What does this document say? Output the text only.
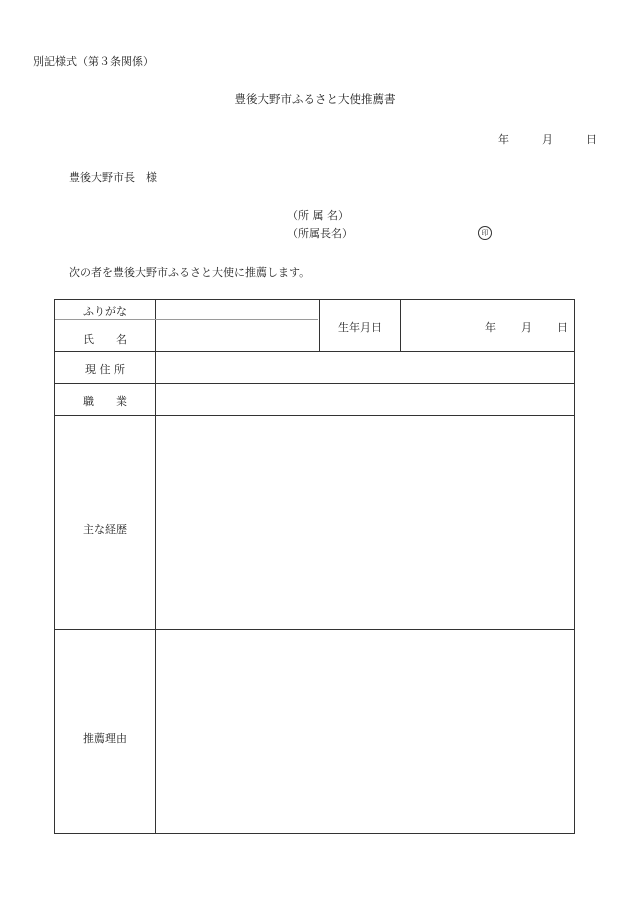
別記様式（第３条関係）
豊後大野市ふるさと大使推薦書
年	月	日
豊後大野市長　様
（所 属 名）
（所属長名）	印
次の者を豊後大野市ふるさと大使に推薦します。
ふりがな
氏　　名
生年月日	年 月 日
現 住 所
職　　業
主な経歴
推薦理由
